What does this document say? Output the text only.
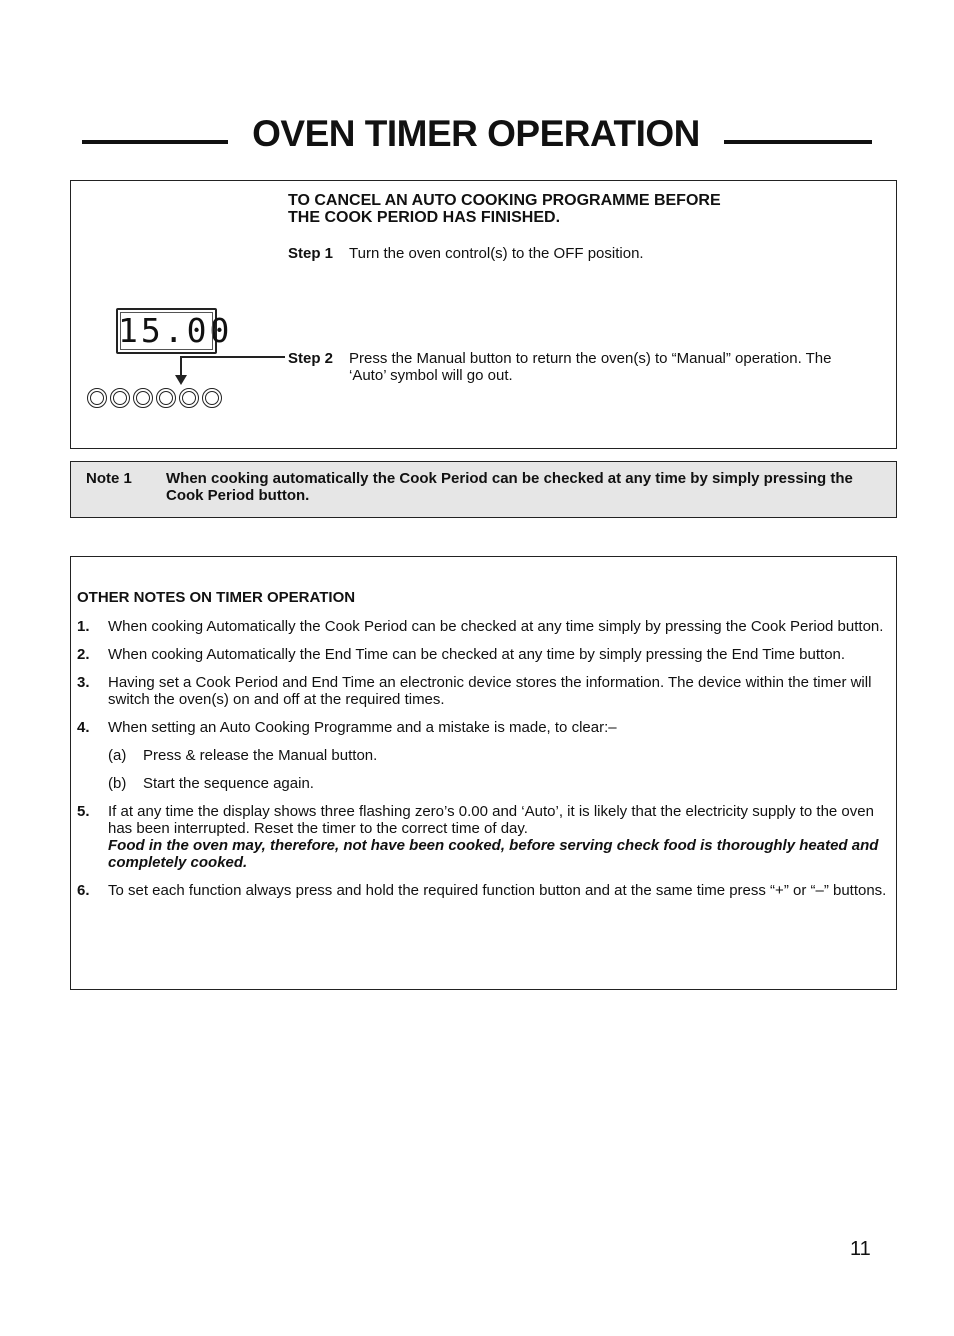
OVEN TIMER OPERATION
TO CANCEL AN AUTO COOKING PROGRAMME BEFORE
THE COOK PERIOD HAS FINISHED.
Step 1	Turn the oven control(s) to the OFF position.
15.00
Step 2	Press the Manual button to return the oven(s) to “Manual” operation. The ‘Auto’ symbol will go out.
Note 1 When cooking automatically the Cook Period can be checked at any time by simply pressing the Cook Period button.
OTHER NOTES ON TIMER OPERATION
1. When cooking Automatically the Cook Period can be checked at any time simply by pressing the Cook Period button.
2. When cooking Automatically the End Time can be checked at any time by simply pressing the End Time button.
3. Having set a Cook Period and End Time an electronic device stores the information. The device within the timer will switch the oven(s) on and off at the required times.
4. When setting an Auto Cooking Programme and a mistake is made, to clear:–
(a) Press & release the Manual button.
(b) Start the sequence again.
5. If at any time the display shows three flashing zero’s 0.00 and ‘Auto’, it is likely that the electricity supply to the oven has been interrupted. Reset the timer to the correct time of day.
Food in the oven may, therefore, not have been cooked, before serving check food is thoroughly heated and completely cooked.
6. To set each function always press and hold the required function button and at the same time press “+” or “–” buttons.
11
